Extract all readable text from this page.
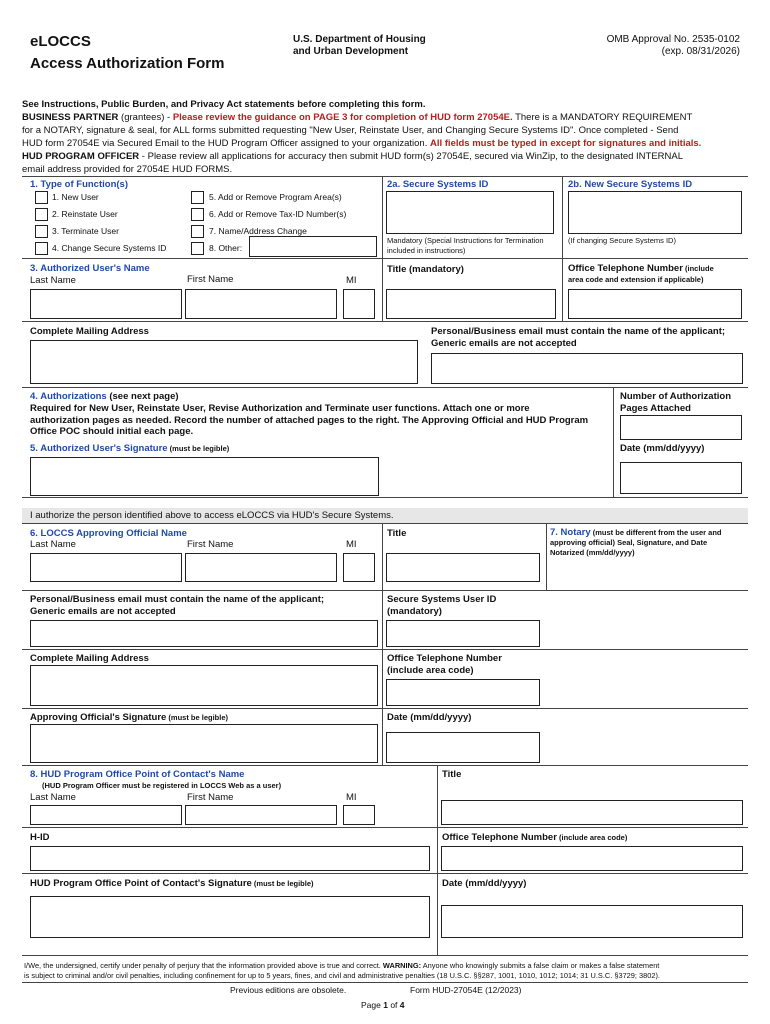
eLOCCS
Access Authorization Form
U.S. Department of Housing
and Urban Development
OMB Approval No. 2535-0102
(exp. 08/31/2026)
See Instructions, Public Burden, and Privacy Act statements before completing this form.
BUSINESS PARTNER (grantees) - Please review the guidance on PAGE 3 for completion of HUD form 27054E. There is a MANDATORY REQUIREMENT
for a NOTARY, signature & seal, for ALL forms submitted requesting "New User, Reinstate User, and Changing Secure Systems ID". Once completed - Send
HUD form 27054E via Secured Email to the HUD Program Officer assigned to your organization. All fields must be typed in except for signatures and initials.
HUD PROGRAM OFFICER - Please review all applications for accuracy then submit HUD form(s) 27054E, secured via WinZip, to the designated INTERNAL
email address provided for 27054E HUD FORMS.
1. Type of Function(s)
1. New User
2. Reinstate User
3. Terminate User
4. Change Secure Systems ID
5. Add or Remove Program Area(s)
6. Add or Remove Tax-ID Number(s)
7. Name/Address Change
8. Other:
2a. Secure Systems ID
Mandatory (Special Instructions for Termination included in instructions)
2b. New Secure Systems ID
(If changing Secure Systems ID)
3. Authorized User's Name
Last Name	First Name	MI
Title (mandatory)	Office Telephone Number (include
area code and extension if applicable)
Complete Mailing Address	Personal/Business email must contain the name of the applicant; Generic emails are not accepted
4. Authorizations (see next page)
Required for New User, Reinstate User, Revise Authorization and Terminate user functions. Attach one or more authorization pages as needed. Record the number of attached pages to the right. The Approving Official and HUD Program Office POC should initial each page.
Number of Authorization Pages Attached
5. Authorized User's Signature (must be legible)	Date (mm/dd/yyyy)
I authorize the person identified above to access eLOCCS via HUD's Secure Systems.
6. LOCCS Approving Official Name
Last Name	First Name	MI
Title	7. Notary (must be different from the user and approving official) Seal, Signature, and Date Notarized (mm/dd/yyyy)
Personal/Business email must contain the name of the applicant; Generic emails are not accepted
Secure Systems User ID (mandatory)
Complete Mailing Address	Office Telephone Number (include area code)
Approving Official's Signature (must be legible)	Date (mm/dd/yyyy)
8. HUD Program Office Point of Contact's Name
(HUD Program Officer must be registered in LOCCS Web as a user)
Last Name	First Name	MI
Title
H-ID	Office Telephone Number (include area code)
HUD Program Office Point of Contact's Signature (must be legible)	Date (mm/dd/yyyy)
I/We, the undersigned, certify under penalty of perjury that the information provided above is true and correct. WARNING: Anyone who knowingly submits a false claim or makes a false statement
is subject to criminal and/or civil penalties, including confinement for up to 5 years, fines, and civil and administrative penalties (18 U.S.C. §§287, 1001, 1010, 1012; 1014; 31 U.S.C. §3729; 3802).
Previous editions are obsolete.	Form HUD-27054E (12/2023)
Page 1 of 4
